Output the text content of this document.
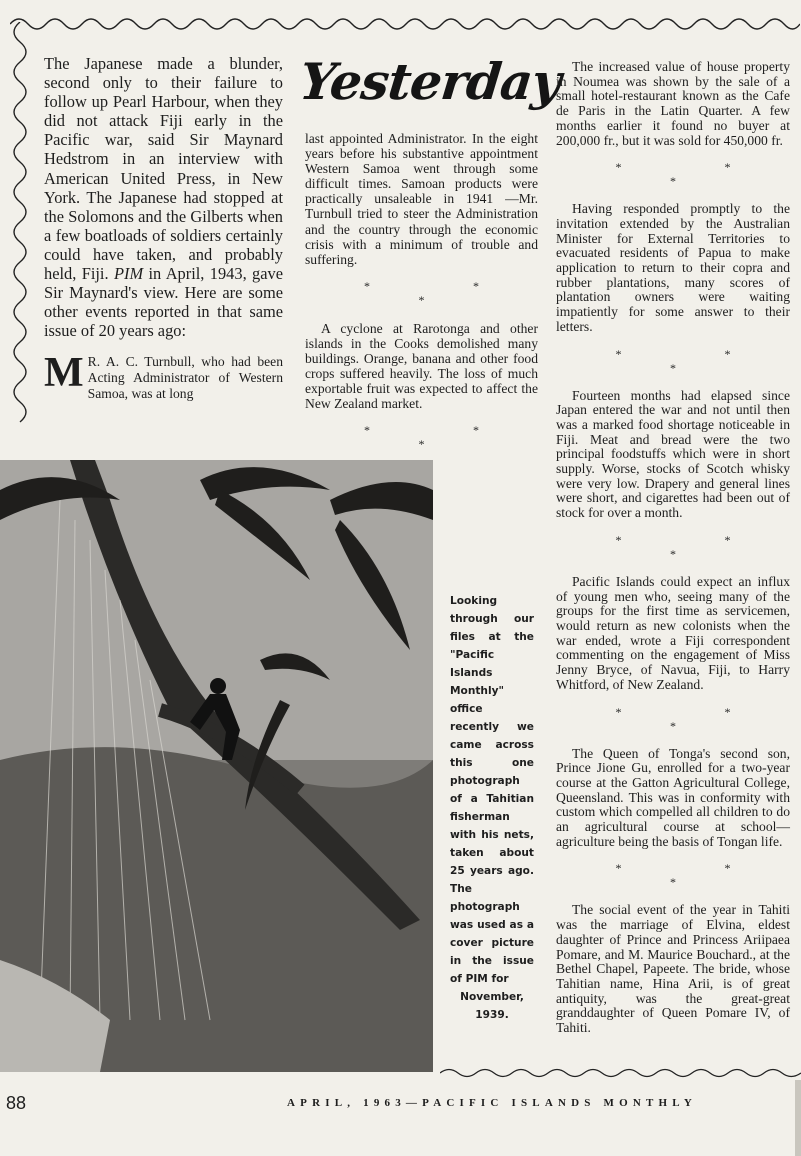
The Japanese made a blunder, second only to their failure to follow up Pearl Harbour, when they did not attack Fiji early in the Pacific war, said Sir Maynard Hedstrom in an interview with American United Press, in New York. The Japanese had stopped at the Solomons and the Gilberts when a few boatloads of soldiers certainly could have taken, and probably held, Fiji. PIM in April, 1943, gave Sir Maynard's view. Here are some other events reported in that same issue of 20 years ago:

M R. A. C. Turnbull, who had been Acting Administrator of Western Samoa, was at long

Yesterday

last appointed Administrator. In the eight years before his substantive appointment Western Samoa went through some difficult times. Samoan products were practically unsaleable in 1941 —Mr. Turnbull tried to steer the Administration and the country through the economic crisis with a minimum of trouble and suffering.

* * *

A cyclone at Rarotonga and other islands in the Cooks demolished many buildings. Orange, banana and other food crops suffered heavily. The loss of much exportable fruit was expected to affect the New Zealand market.

* * *

The increased value of house property in Noumea was shown by the sale of a small hotel-restaurant known as the Cafe de Paris in the Latin Quarter. A few months earlier it found no buyer at 200,000 fr., but it was sold for 450,000 fr.

* * *

Having responded promptly to the invitation extended by the Australian Minister for External Territories to evacuated residents of Papua to make application to return to their copra and rubber plantations, many scores of plantation owners were waiting impatiently for some answer to their letters.

* * *

Fourteen months had elapsed since Japan entered the war and not until then was a marked food shortage noticeable in Fiji. Meat and bread were the two principal foodstuffs which were in short supply. Worse, stocks of Scotch whisky were very low. Drapery and general lines were short, and cigarettes had been out of stock for over a month.

* * *

Pacific Islands could expect an influx of young men who, seeing many of the groups for the first time as servicemen, would return as new colonists when the war ended, wrote a Fiji correspondent commenting on the engagement of Miss Jenny Bryce, of Navua, Fiji, to Harry Whitford, of New Zealand.

* * *

The Queen of Tonga's second son, Prince Jione Gu, enrolled for a two-year course at the Gatton Agricultural College, Queensland. This was in conformity with custom which compelled all children to do an agricultural course at school—agriculture being the basis of Tongan life.

* * *

The social event of the year in Tahiti was the marriage of Elvina, eldest daughter of Prince and Princess Ariipaea Pomare, and M. Maurice Bouchard., at the Bethel Chapel, Papeete. The bride, whose Tahitian name, Hina Arii, is of great antiquity, was the great-great granddaughter of Queen Pomare IV, of Tahiti.

Looking through our files at the "Pacific Islands Monthly" office recently we came across this one photograph of a Tahitian fisherman with his nets, taken about 25 years ago. The photograph was used as a cover picture in the issue of PIM for
November, 1939.
88	APRIL, 1963—PACIFIC ISLANDS MONTHLY
